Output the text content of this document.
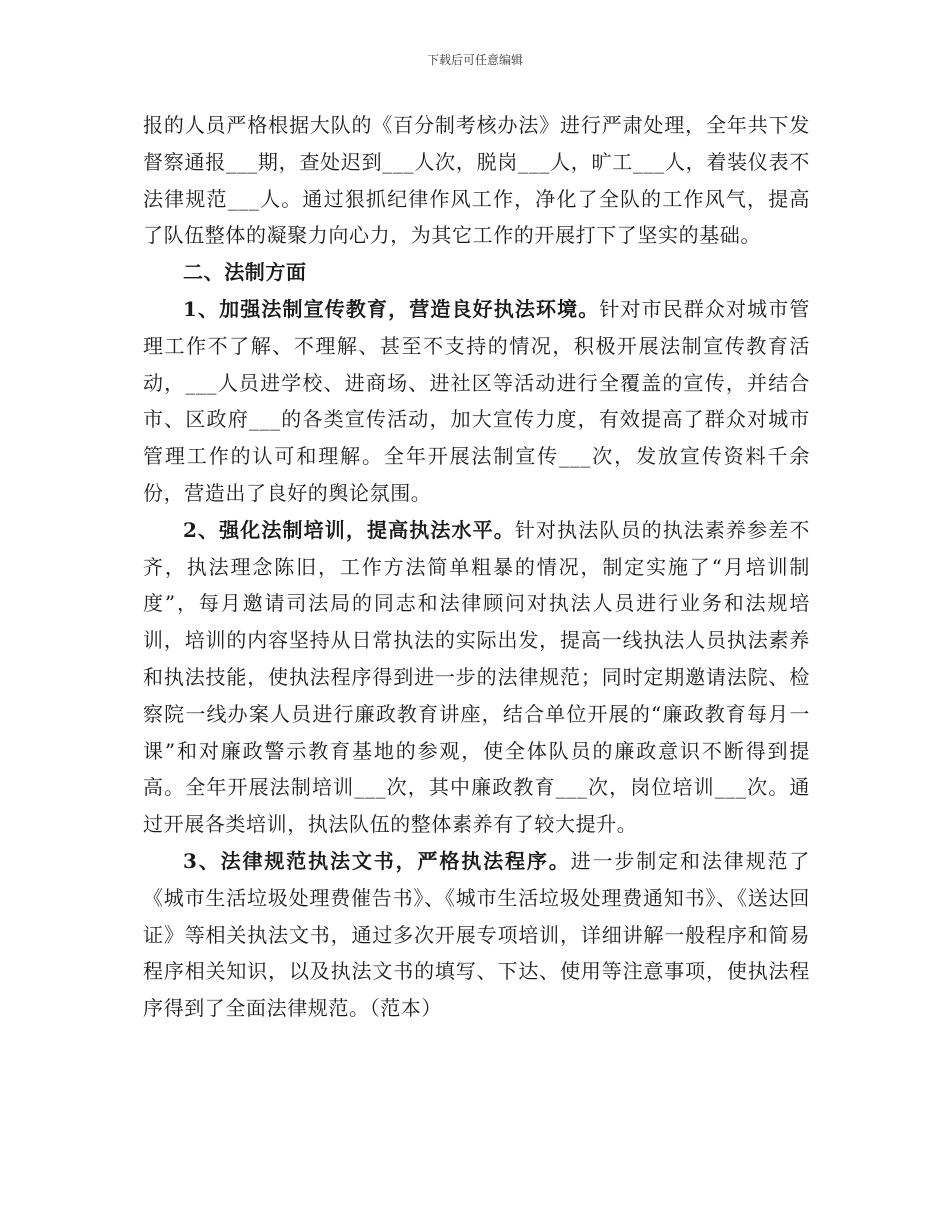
下载后可任意编辑

报的人员严格根据大队的《百分制考核办法》进行严肃处理，全年共下发督察通报___期，查处迟到___人次，脱岗___人，旷工___人，着装仪表不法律规范___人。通过狠抓纪律作风工作，净化了全队的工作风气，提高了队伍整体的凝聚力向心力，为其它工作的开展打下了坚实的基础。

二、法制方面

1、加强法制宣传教育，营造良好执法环境。针对市民群众对城市管理工作不了解、不理解、甚至不支持的情况，积极开展法制宣传教育活动，___人员进学校、进商场、进社区等活动进行全覆盖的宣传，并结合市、区政府___的各类宣传活动，加大宣传力度，有效提高了群众对城市管理工作的认可和理解。全年开展法制宣传___次，发放宣传资料千余份，营造出了良好的舆论氛围。

2、强化法制培训，提高执法水平。针对执法队员的执法素养参差不齐，执法理念陈旧，工作方法简单粗暴的情况，制定实施了“月培训制度”，每月邀请司法局的同志和法律顾问对执法人员进行业务和法规培训，培训的内容坚持从日常执法的实际出发，提高一线执法人员执法素养和执法技能，使执法程序得到进一步的法律规范；同时定期邀请法院、检察院一线办案人员进行廉政教育讲座，结合单位开展的“廉政教育每月一课”和对廉政警示教育基地的参观，使全体队员的廉政意识不断得到提高。全年开展法制培训___次，其中廉政教育___次，岗位培训___次。通过开展各类培训，执法队伍的整体素养有了较大提升。

3、法律规范执法文书，严格执法程序。进一步制定和法律规范了《城市生活垃圾处理费催告书》、《城市生活垃圾处理费通知书》、《送达回证》等相关执法文书，通过多次开展专项培训，详细讲解一般程序和简易程序相关知识，以及执法文书的填写、下达、使用等注意事项，使执法程序得到了全面法律规范。（范本）
